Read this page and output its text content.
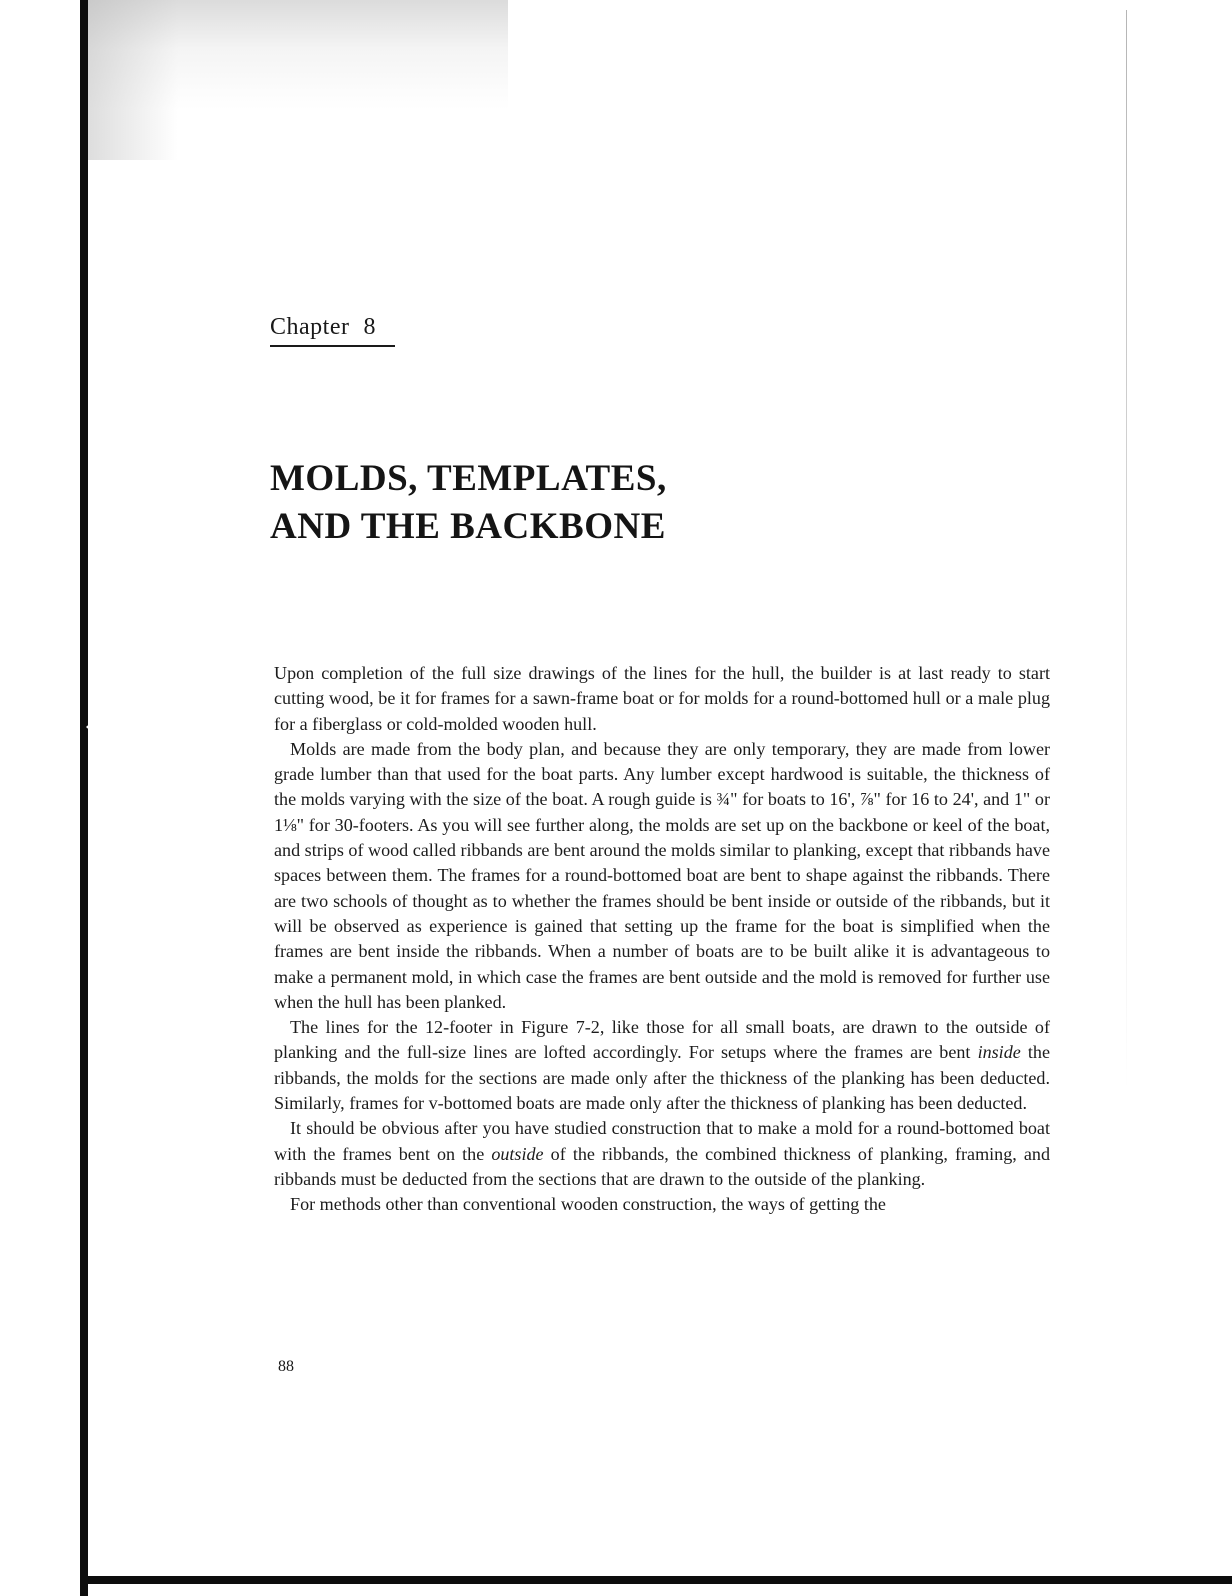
Chapter 8
MOLDS, TEMPLATES,
AND THE BACKBONE

Upon completion of the full size drawings of the lines for the hull, the builder is at last ready to start cutting wood, be it for frames for a sawn-frame boat or for molds for a round-bottomed hull or a male plug for a fiberglass or cold-molded wooden hull.

Molds are made from the body plan, and because they are only temporary, they are made from lower grade lumber than that used for the boat parts. Any lumber except hardwood is suitable, the thickness of the molds varying with the size of the boat. A rough guide is ¾" for boats to 16', ⅞" for 16 to 24', and 1" or 1⅛" for 30-footers. As you will see further along, the molds are set up on the backbone or keel of the boat, and strips of wood called ribbands are bent around the molds similar to planking, except that ribbands have spaces between them. The frames for a round-bottomed boat are bent to shape against the ribbands. There are two schools of thought as to whether the frames should be bent inside or outside of the ribbands, but it will be observed as experience is gained that setting up the frame for the boat is simplified when the frames are bent inside the ribbands. When a number of boats are to be built alike it is advantageous to make a permanent mold, in which case the frames are bent outside and the mold is removed for further use when the hull has been planked.

The lines for the 12-footer in Figure 7-2, like those for all small boats, are drawn to the outside of planking and the full-size lines are lofted accordingly. For setups where the frames are bent inside the ribbands, the molds for the sections are made only after the thickness of the planking has been deducted. Similarly, frames for v-bottomed boats are made only after the thickness of planking has been deducted.

It should be obvious after you have studied construction that to make a mold for a round-bottomed boat with the frames bent on the outside of the ribbands, the combined thickness of planking, framing, and ribbands must be deducted from the sections that are drawn to the outside of the planking.

For methods other than conventional wooden construction, the ways of getting the

88
